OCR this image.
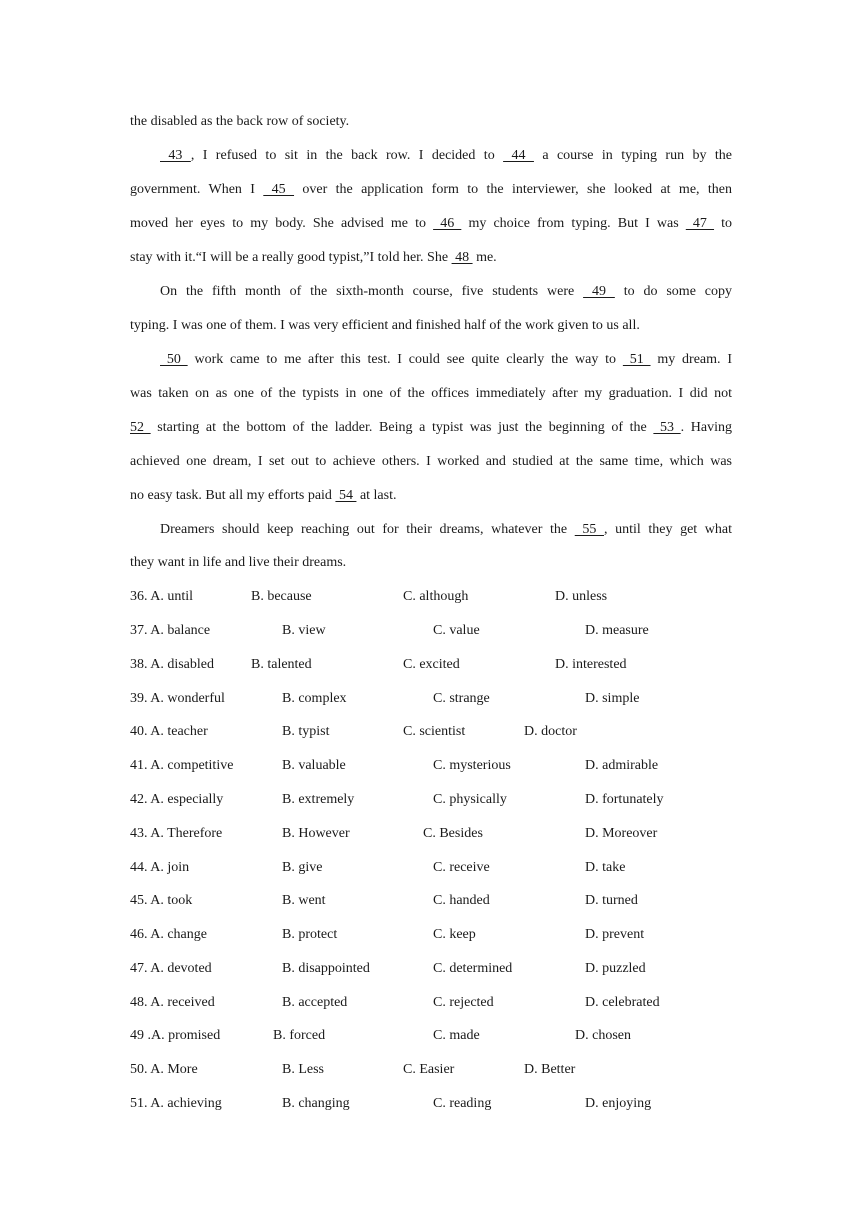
the disabled as the back row of society.
43 , I refused to sit in the back row. I decided to  44  a course in typing run by the
government. When I  45  over the application form to the interviewer, she looked at me, then
moved her eyes to my body. She advised me to  46  my choice from typing. But I was  47  to
stay with it.“I will be a really good typist,”I told her. She  48  me.
On the fifth month of the sixth-month course, five students were  49  to do some copy
typing. I was one of them. I was very efficient and finished half of the work given to us all.
50  work came to me after this test. I could see quite clearly the way to  51  my dream. I
was taken on as one of the typists in one of the offices immediately after my graduation. I did not
52  starting at the bottom of the ladder. Being a typist was just the beginning of the  53 . Having
achieved one dream, I set out to achieve others. I worked and studied at the same time, which was
no easy task. But all my efforts paid  54  at last.
Dreamers should keep reaching out for their dreams, whatever the  55 , until they get what
they want in life and live their dreams.
36. A. until	B. because	C. although	D. unless
37. A. balance	B. view	C. value	D. measure
38. A. disabled	B. talented	C. excited	D. interested
39. A. wonderful	B. complex	C. strange	D. simple
40. A. teacher	B. typist	C. scientist	D. doctor
41. A. competitive	B. valuable	C. mysterious	D. admirable
42. A. especially	B. extremely	C. physically	D. fortunately
43. A. Therefore	B. However	C. Besides	D. Moreover
44. A. join	B. give	C. receive	D. take
45. A. took	B. went	C. handed	D. turned
46. A. change	B. protect	C. keep	D. prevent
47. A. devoted	B. disappointed	C. determined	D. puzzled
48. A. received	B. accepted	C. rejected	D. celebrated
49 .A. promised	B. forced	C. made	D. chosen
50. A. More	B. Less	C. Easier	D. Better
51. A. achieving	B. changing	C. reading	D. enjoying
